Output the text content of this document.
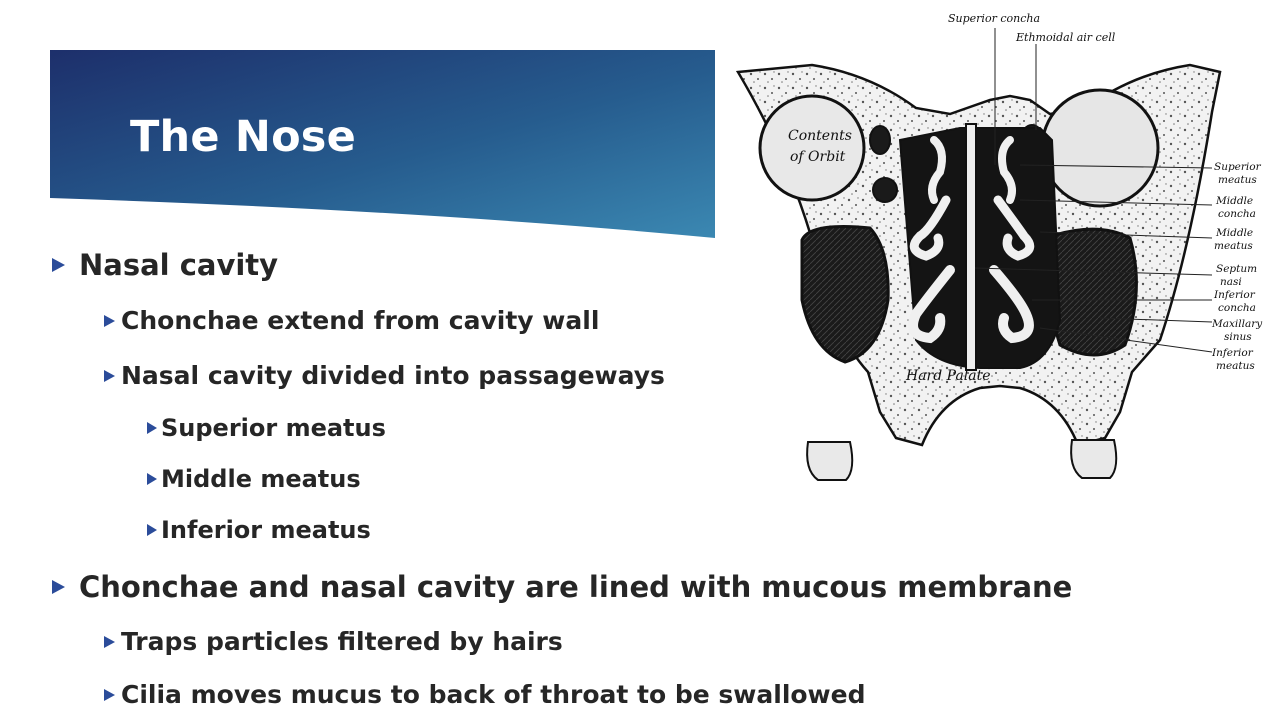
The Nose
Nasal cavity
Chonchae extend from cavity wall
Nasal cavity divided into passageways
Superior meatus
Middle meatus
Inferior meatus
Chonchae and nasal cavity are lined with mucous membrane
Traps particles filtered by hairs
Cilia moves mucus to back of throat to be swallowed
Contents
of Orbit
Hard Palate
Superior concha
Ethmoidal air cell
Superior
meatus
Middle
concha
Middle
meatus
Septum
nasi
Inferior
concha
Maxillary
sinus
Inferior
meatus
